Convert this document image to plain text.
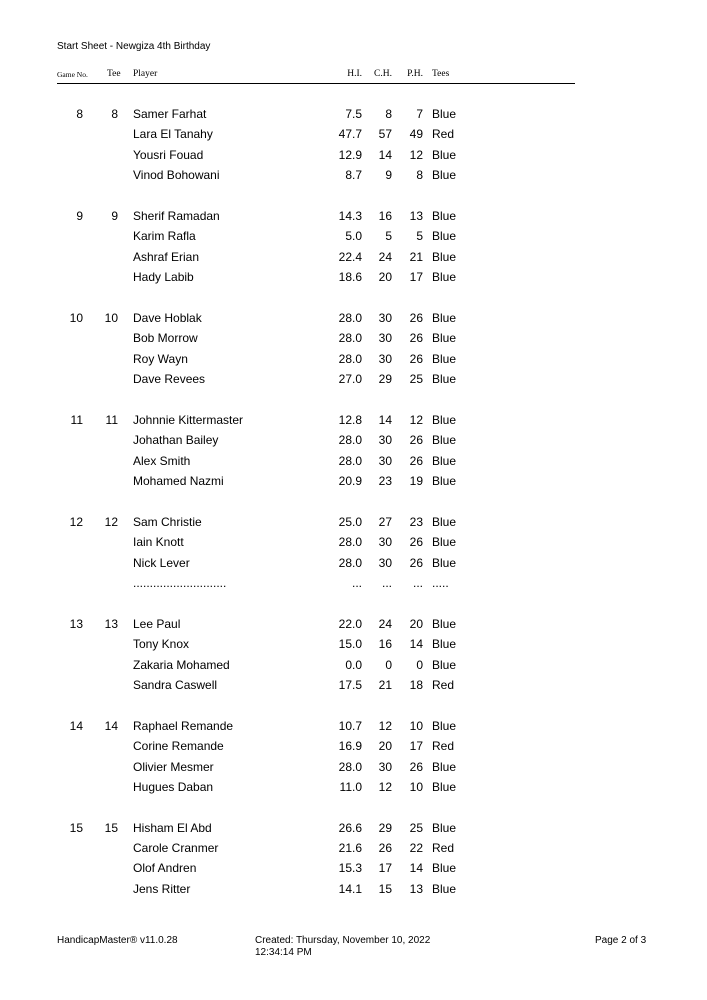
Start Sheet - Newgiza 4th Birthday
Game No. Tee Player	H.I. C.H.	P.H. Tees
8	8 Samer Farhat	7.5	8	7 Blue
Lara El Tanahy	47.7	57	49 Red
Yousri Fouad	12.9	14	12 Blue
Vinod Bohowani	8.7	9	8 Blue
9	9 Sherif Ramadan	14.3	16	13 Blue
Karim Rafla	5.0	5	5 Blue
Ashraf Erian	22.4	24	21 Blue
Hady Labib	18.6	20	17 Blue
10	10 Dave Hoblak	28.0	30	26 Blue
Bob Morrow	28.0	30	26 Blue
Roy Wayn	28.0	30	26 Blue
Dave Revees	27.0	29	25 Blue
11	11 Johnnie Kittermaster	12.8	14	12 Blue
Johathan Bailey	28.0	30	26 Blue
Alex Smith	28.0	30	26 Blue
Mohamed Nazmi	20.9	23	19 Blue
12	12 Sam Christie	25.0	27	23 Blue
Iain Knott	28.0	30	26 Blue
Nick Lever	28.0	30	26 Blue
............................	...	...	... .....
13	13 Lee Paul	22.0	24	20 Blue
Tony Knox	15.0	16	14 Blue
Zakaria Mohamed	0.0	0	0 Blue
Sandra Caswell	17.5	21	18 Red
14	14 Raphael Remande	10.7	12	10 Blue
Corine Remande	16.9	20	17 Red
Olivier Mesmer	28.0	30	26 Blue
Hugues Daban	11.0	12	10 Blue
15	15 Hisham El Abd	26.6	29	25 Blue
Carole Cranmer	21.6	26	22 Red
Olof Andren	15.3	17	14 Blue
Jens Ritter	14.1	15	13 Blue
HandicapMaster® v11.0.28	Created: Thursday, November 10, 2022
12:34:14 PM
Page 2 of 3
